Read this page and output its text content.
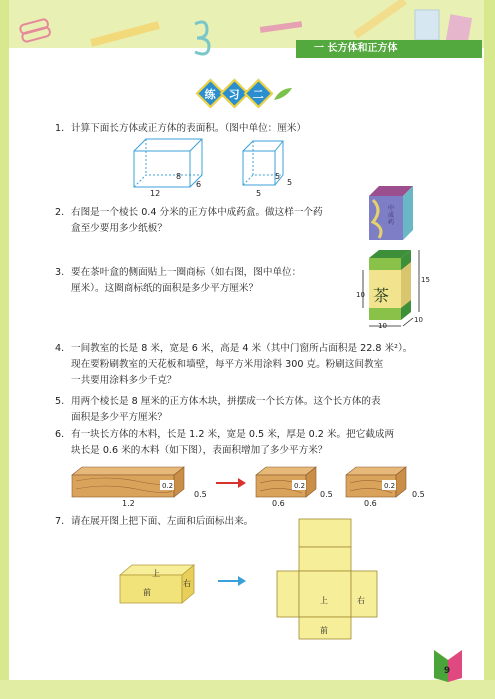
一 长方体和正方体
练 习 二
1. 计算下面长方体或正方体的表面积。（图中单位：厘米）
8
6
12
5
5
5
2. 右图是一个棱长 0.4 分米的正方体中成药盒。做这样一个药
盒至少要用多少纸板？
中成药
3. 要在茶叶盒的侧面贴上一圈商标（如右图，图中单位：
厘米）。这圈商标纸的面积是多少平方厘米？	茶
15
10
10
10
4. 一间教室的长是 8 米，宽是 6 米，高是 4 米（其中门窗所占面积是 22.8 米²）。
现在要粉刷教室的天花板和墙壁，每平方米用涂料 300 克。粉刷这间教室
一共要用涂料多少千克？
5. 用两个棱长是 8 厘米的正方体木块，拼摆成一个长方体。这个长方体的表
面积是多少平方厘米？
6. 有一块长方体的木料，长是 1.2 米，宽是 0.5 米，厚是 0.2 米。把它截成两
块长是 0.6 米的木料（如下图），表面积增加了多少平方米？
0.2
0.5
1.2
0.2
0.5
0.6
0.2
0.5
0.6
7. 请在展开图上把下面、左面和后面标出来。
上
前
右
上	右
前
9
